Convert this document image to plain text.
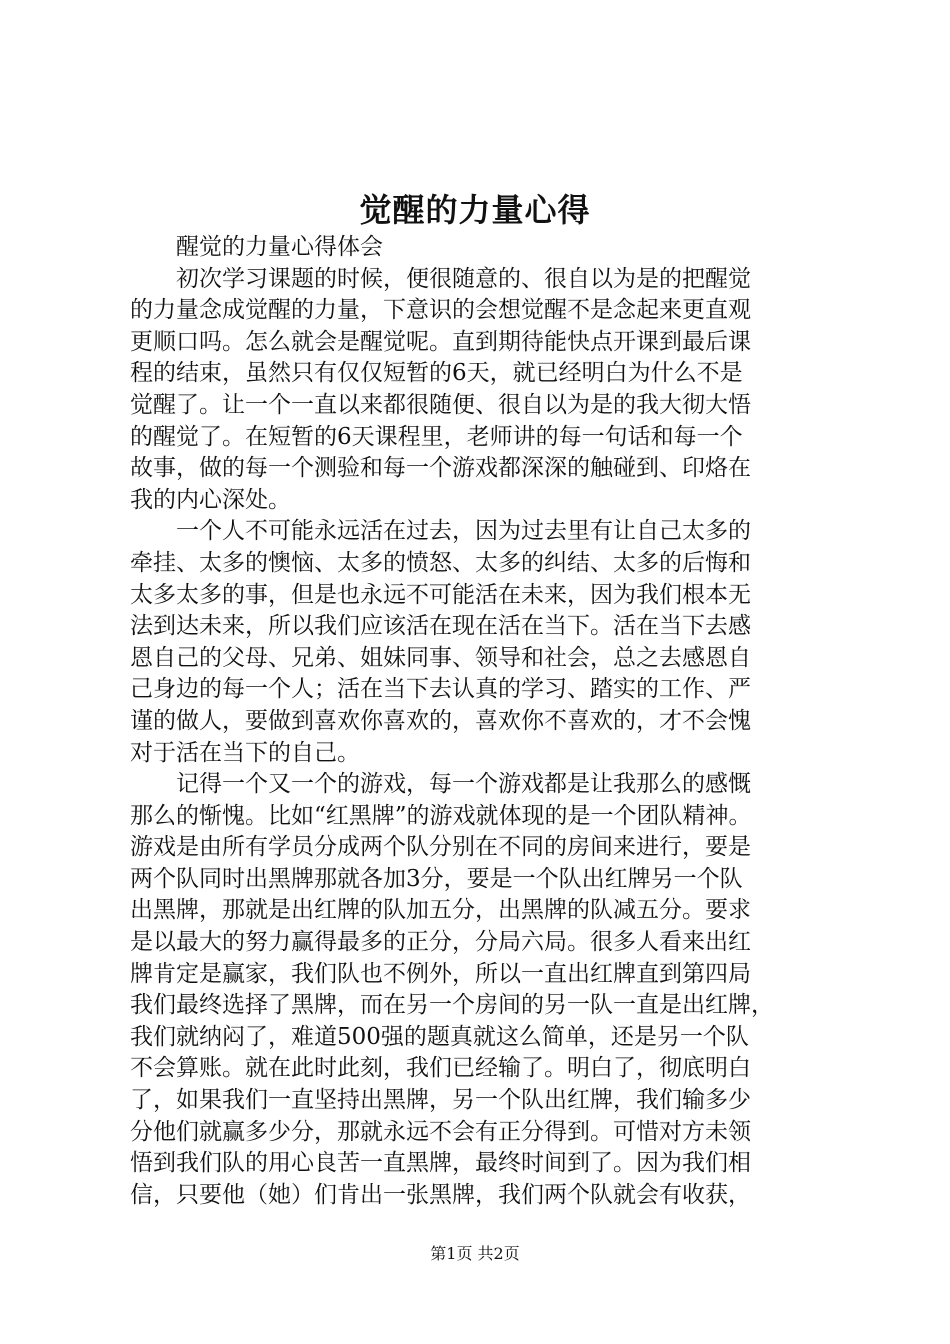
觉醒的力量心得
　　醒觉的力量心得体会
　　初次学习课题的时候，便很随意的、很自以为是的把醒觉
的力量念成觉醒的力量，下意识的会想觉醒不是念起来更直观
更顺口吗。怎么就会是醒觉呢。直到期待能快点开课到最后课
程的结束，虽然只有仅仅短暂的6天，就已经明白为什么不是
觉醒了。让一个一直以来都很随便、很自以为是的我大彻大悟
的醒觉了。在短暂的6天课程里，老师讲的每一句话和每一个
故事，做的每一个测验和每一个游戏都深深的触碰到、印烙在
我的内心深处。
　　一个人不可能永远活在过去，因为过去里有让自己太多的
牵挂、太多的懊恼、太多的愤怒、太多的纠结、太多的后悔和
太多太多的事，但是也永远不可能活在未来，因为我们根本无
法到达未来，所以我们应该活在现在活在当下。活在当下去感
恩自己的父母、兄弟、姐妹同事、领导和社会，总之去感恩自
己身边的每一个人；活在当下去认真的学习、踏实的工作、严
谨的做人，要做到喜欢你喜欢的，喜欢你不喜欢的，才不会愧
对于活在当下的自己。
　　记得一个又一个的游戏，每一个游戏都是让我那么的感慨
那么的惭愧。比如“红黑牌”的游戏就体现的是一个团队精神。
游戏是由所有学员分成两个队分别在不同的房间来进行，要是
两个队同时出黑牌那就各加3分，要是一个队出红牌另一个队
出黑牌，那就是出红牌的队加五分，出黑牌的队减五分。要求
是以最大的努力赢得最多的正分，分局六局。很多人看来出红
牌肯定是赢家，我们队也不例外，所以一直出红牌直到第四局
我们最终选择了黑牌，而在另一个房间的另一队一直是出红牌，
我们就纳闷了，难道500强的题真就这么简单，还是另一个队
不会算账。就在此时此刻，我们已经输了。明白了，彻底明白
了，如果我们一直坚持出黑牌，另一个队出红牌，我们输多少
分他们就赢多少分，那就永远不会有正分得到。可惜对方未领
悟到我们队的用心良苦一直黑牌，最终时间到了。因为我们相
信，只要他（她）们肯出一张黑牌，我们两个队就会有收获，
第1页 共2页
